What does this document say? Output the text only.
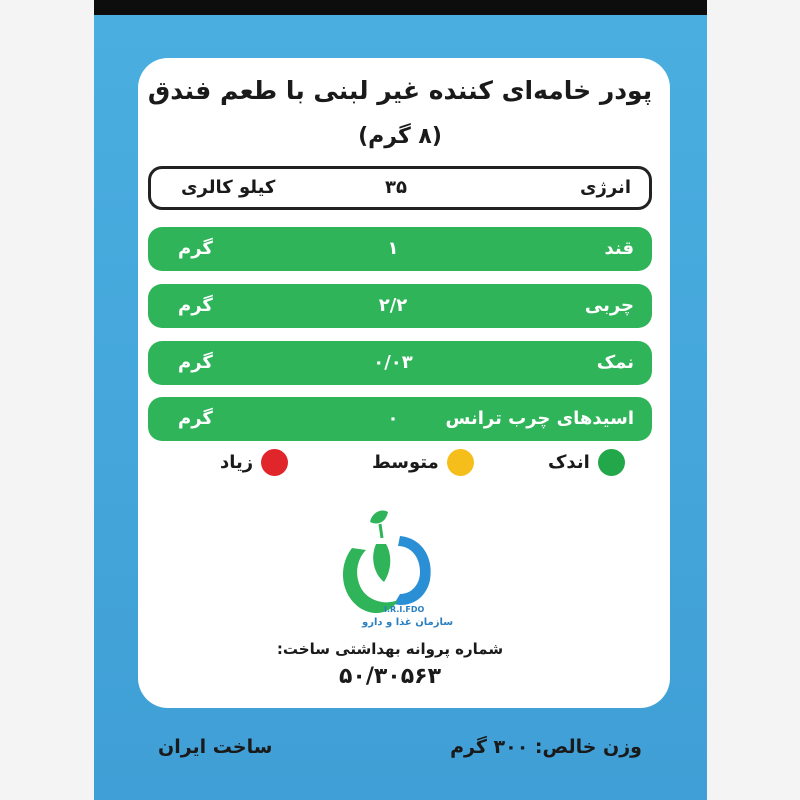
پودر خامه‌ای کننده غیر لبنی با طعم فندق
(۸ گرم)
انرژی
۳۵
کیلو کالری
قند
۱
گرم
چربی
۲/۲
گرم
نمک
۰/۰۳
گرم
اسیدهای چرب ترانس
۰
گرم
اندک
متوسط
زیاد
I.R.I.FDO
سازمان غذا و دارو
شماره پروانه بهداشتی ساخت:
۵۰/۳۰۵۶۳
ساخت ایران	وزن خالص: ۳۰۰ گرم
